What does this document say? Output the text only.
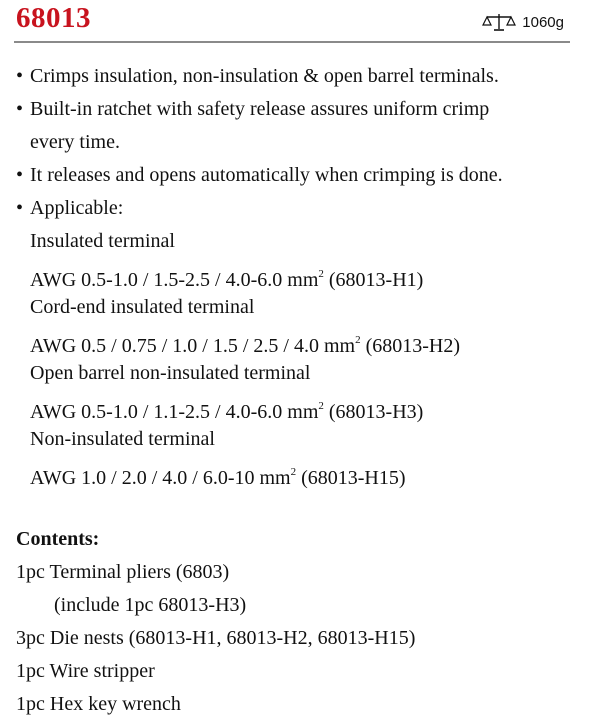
68013	1060g
• Crimps insulation, non-insulation & open barrel terminals.
• Built-in ratchet with safety release assures uniform crimp
every time.
• It releases and opens automatically when crimping is done.
• Applicable:
Insulated terminal
AWG 0.5-1.0 / 1.5-2.5 / 4.0-6.0 $mm^2$ (68013-H1)
Cord-end insulated terminal
AWG 0.5 / 0.75 / 1.0 / 1.5 / 2.5 / 4.0 $mm^2$ (68013-H2)
Open barrel non-insulated terminal
AWG 0.5-1.0 / 1.1-2.5 / 4.0-6.0 $mm^2$ (68013-H3)
Non-insulated terminal
AWG 1.0 / 2.0 / 4.0 / 6.0-10 $mm^2$ (68013-H15)
Contents:
1pc Terminal pliers (6803)
(include 1pc 68013-H3)
3pc Die nests (68013-H1, 68013-H2, 68013-H15)
1pc Wire stripper
1pc Hex key wrench
